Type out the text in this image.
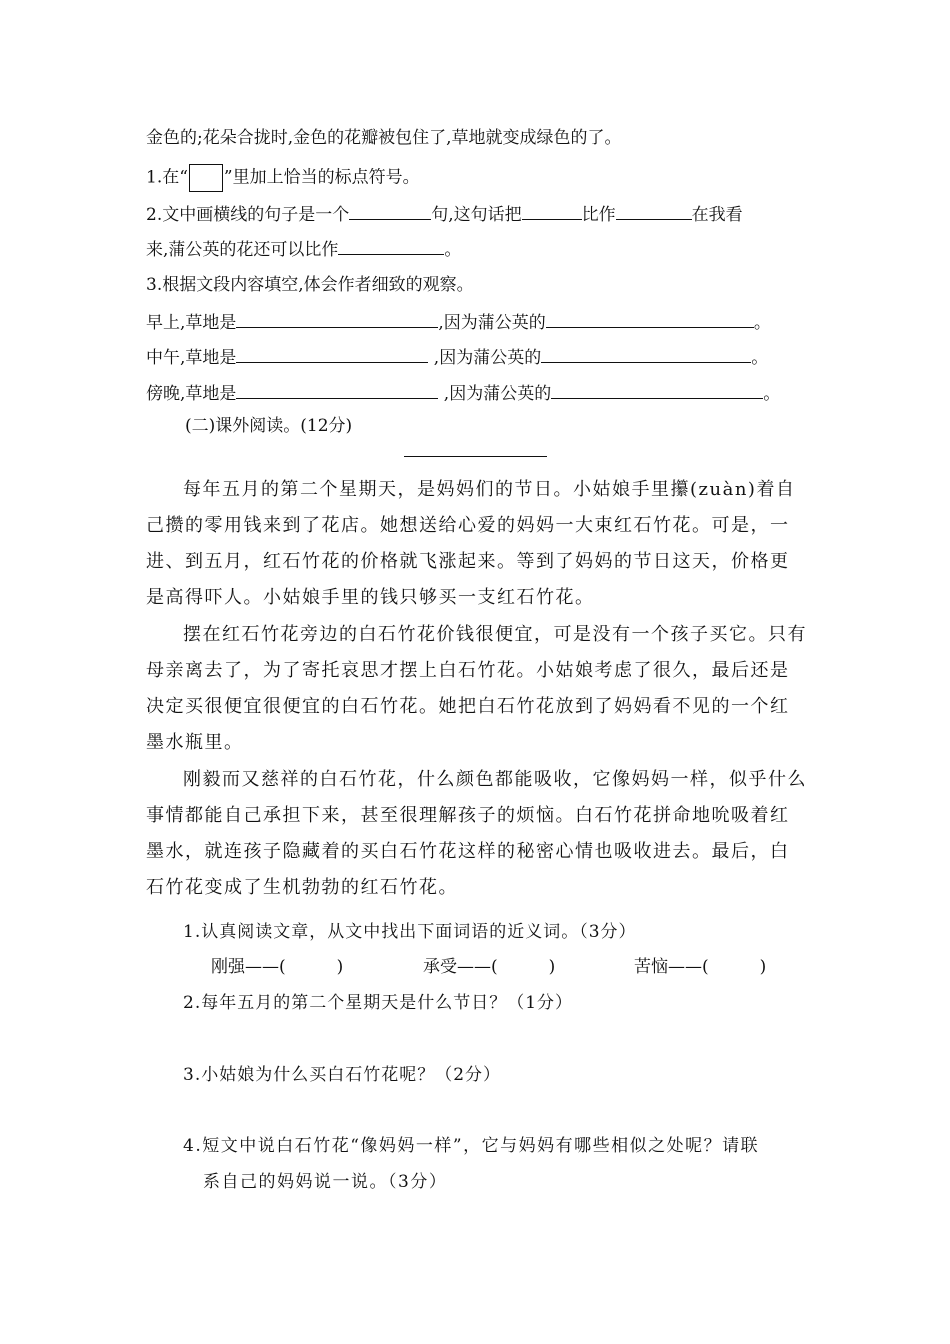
金色的;花朵合拢时,金色的花瓣被包住了,草地就变成绿色的了。
1.在“ ”里加上恰当的标点符号。
2.文中画横线的句子是一个	句,这句话把	比作	在我看
来,蒲公英的花还可以比作	。
3.根据文段内容填空,体会作者细致的观察。
早上,草地是	,因为蒲公英的	。
中午,草地是	,因为蒲公英的	。
傍晚,草地是	,因为蒲公英的	。
(二)课外阅读。(12分)
每年五月的第二个星期天，是妈妈们的节日。小姑娘手里攥(zuàn)着自己攒的零用钱来到了花店。她想送给心爱的妈妈一大束红石竹花。可是，一进、到五月，红石竹花的价格就飞涨起来。等到了妈妈的节日这天，价格更是高得吓人。小姑娘手里的钱只够买一支红石竹花。
摆在红石竹花旁边的白石竹花价钱很便宜，可是没有一个孩子买它。只有母亲离去了，为了寄托哀思才摆上白石竹花。小姑娘考虑了很久，最后还是决定买很便宜很便宜的白石竹花。她把白石竹花放到了妈妈看不见的一个红墨水瓶里。
刚毅而又慈祥的白石竹花，什么颜色都能吸收，它像妈妈一样，似乎什么事情都能自己承担下来，甚至很理解孩子的烦恼。白石竹花拼命地吮吸着红墨水，就连孩子隐藏着的买白石竹花这样的秘密心情也吸收进去。最后，白石竹花变成了生机勃勃的红石竹花。
1.认真阅读文章，从文中找出下面词语的近义词。（3分）
刚强——(　　　)	承受——(　　　)	苦恼——(　　　)
2.每年五月的第二个星期天是什么节日？（1分）
3.小姑娘为什么买白石竹花呢？（2分）
4.短文中说白石竹花“像妈妈一样”，它与妈妈有哪些相似之处呢？请联
系自己的妈妈说一说。（3分）
